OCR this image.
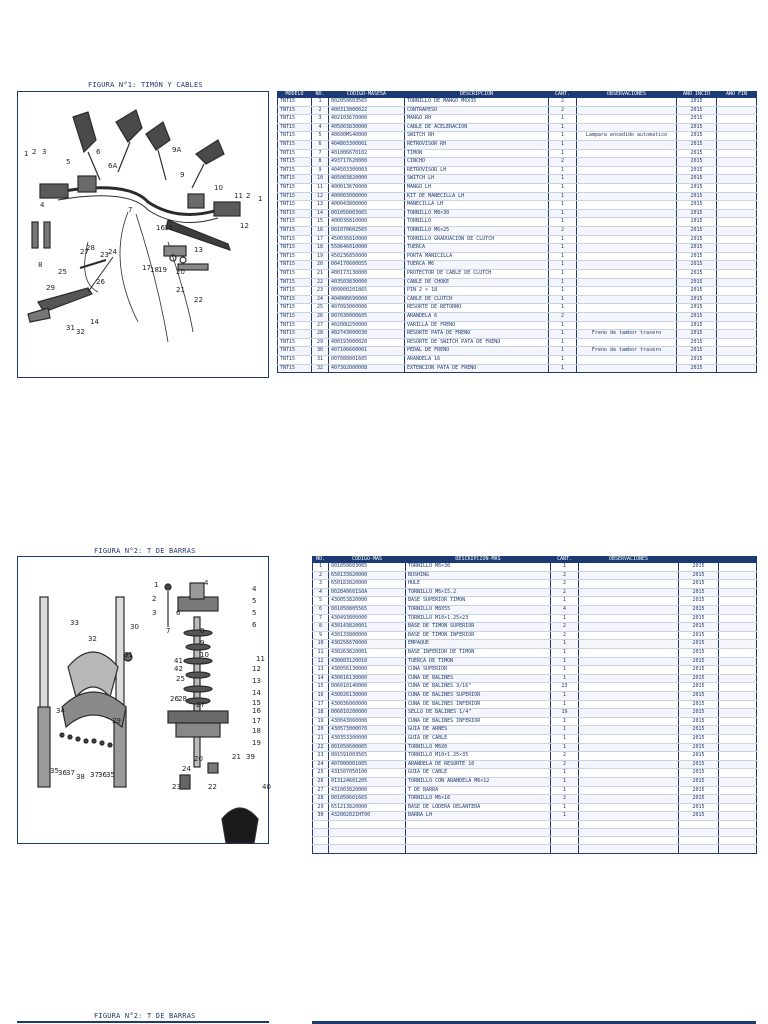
FIGURA N°1: TIMÓN Y CABLES
1 2 3
5
6
6A
9A
4
7
9
10
11 2 1
12
13
14
15
16
17 18 19 20
21
22
23 24
25
26
27
28
29
31 32
8
MODELO	NO.	CODIGO-MASESA	DESCRIPCIÓN	CANT.	OBSERVACIONES	AÑO INCIO	AÑO FIN
TNT15	1	002050603565	TORNILLO DE MANGO M6X35	2		2015	
TNT15	2	400313000022	CONTRAPESO	2		2015	
TNT15	3	402103670000	MANGO RH	1		2015	
TNT15	4	405003830000	CABLE DE ACELERACION	1		2015	
TNT15	5	40600MS40000	SWITCH RH	1	Lampara encedido automatico	2015	
TNT15	6	404803300001	RETROVISOR RH	1		2015	
TNT15	7	401006670102	TIMON	1		2015	
TNT15	8	493717620000	CINCHO	2		2015	
TNT15	9	404503300003	RETROVISOR LH	1		2015	
TNT15	10	405003820000	SWITCH LH	1		2015	
TNT15	11	400013670000	MANGO LH	1		2015	
TNT15	12	400003000000	KIT DE MANECILLA LH	1		2015	
TNT15	13	400043800000	MANECILLA LH	1		2015	
TNT15	14	001050003065	TORNILLO M8×30	1		2015	
TNT15	15	400036810000	TORNILLO	1		2015	
TNT15	16	001070602565	TORNILLO M6×25	2		2015	
TNT15	17	450036810000	TORNILLO GRADUACIÓN DE CLUTCH	1		2015	
TNT15	18	550646010000	TUERCA	1		2015	
TNT15	19	450236850000	PORTA MANICILLA	1		2015	
TNT15	20	004170600055	TUERCA M6	1		2015	
TNT15	21	400173130000	PROTECTOR DE CABLE DE CLUTCH	1		2015	
TNT15	22	403503830000	CABLE DE CHOKE	1		2015	
TNT15	23	009000201865	PIN 2 × 18	1		2015	
TNT15	24	404006690000	CABLE DE CLUTCH	1		2015	
TNT15	25	407093060006	RESORTE DE RETORNO	1		2015	
TNT15	26	007030000605	ARANDELA 6	2		2015	
TNT15	27	40200U250000	VARILLA DE FRENO	1		2015	
TNT15	28	402743000030	RESORTE PATA DE FRENO	1	Freno de tambor trasero	2015	
TNT15	29	400193000020	RESORTE DE SWITCH PATA DE FRENO	1		2015	
TNT15	30	407106660001	PEDAL DE FRENO	1	Freno de tambor trasero	2015	
TNT15	31	007080001605	ARANDELA 16	1		2015	
TNT15	32	407302000008	EXTENCION PATA DE FRENO	1		2015	
FIGURA N°2: T DE BARRAS
1
2
3
4
4
5
5
6
6
7	8
9
10	11
12
13
14
15
16
17
18
19
20	21
22
23
24
25
26
27
28
29
30
31
32
33
34
35 36 37 38 37 36 35
39
40
41
42
NO.	CODIGO-MAS	DESCRIPCIÓN-MAS	CANT.	OBSERVACIONES		
1	001050603065	TORNILLO M6×30	1		2015	
2	650133820000	BUSHING	2		2015	
3	650183820000	HULE	2		2015	
4	002840601S0A	TORNILLO M6×15.2	2		2015	
5	430053820000	BASE SUPERIOR TIMON	1		2015	
6	001050805565	TORNILLO M8X55	4		2015	
7	430493800000	TORNILLO M10×1.25×23	1		2015	
8	430143820001	BASE DE TIMON SUPERIOR	2		2015	
9	430133800000	BASE DE TIMON INFERIOR	2		2015	
10	430256670000	EMPAQUE	1		2015	
11	430263820001	BASE INFERIOR DE TIMON	1		2015	
12	430003120010	TUERCA DE TIMON	1		2015	
13	430056130000	CUNA SUPERIOR	1		2015	
14	430016130000	CUNA DE BALINES	1		2015	
15	006010140000	CUNA DE BALINES 3/16"	23		2015	
16	430026130000	CUNA DE BALINES SUPERIOR	1		2015	
17	430036060000	CUNA DE BALINES INFERIOR	1		2015	
18	006010200000	SELLO DE BALINES 1/4"	19		2015	
19	430043060000	CUNA DE BALINES INFERIOR	1		2015	
20	430573000070	GUIA DE ARNES	1		2015	
21	430353300000	GUIA DE CABLE	1		2015	
22	001050600065	TORNILLO M6X8	1		2015	
23	001591003565	TORNILLO M10×1.25×35	2		2015	
24	407000001005	ARANDELA DE RESORTE 10	2		2015	
25	431507050100	GUIA DE CABLE	1		2015	
26	013124601205	TORNILLO CON ARANDELA M6×12	1		2015	
27	431003820000	T DE BARRA	1		2015	
28	001050601665	TORNILLO M6×16	2		2015	
29	651213820000	BASE DE LODERA DELANTERA	1		2015	
30	432002021HT00	BARRA LH	1		2015	

FIGURA N°2: T DE BARRAS
